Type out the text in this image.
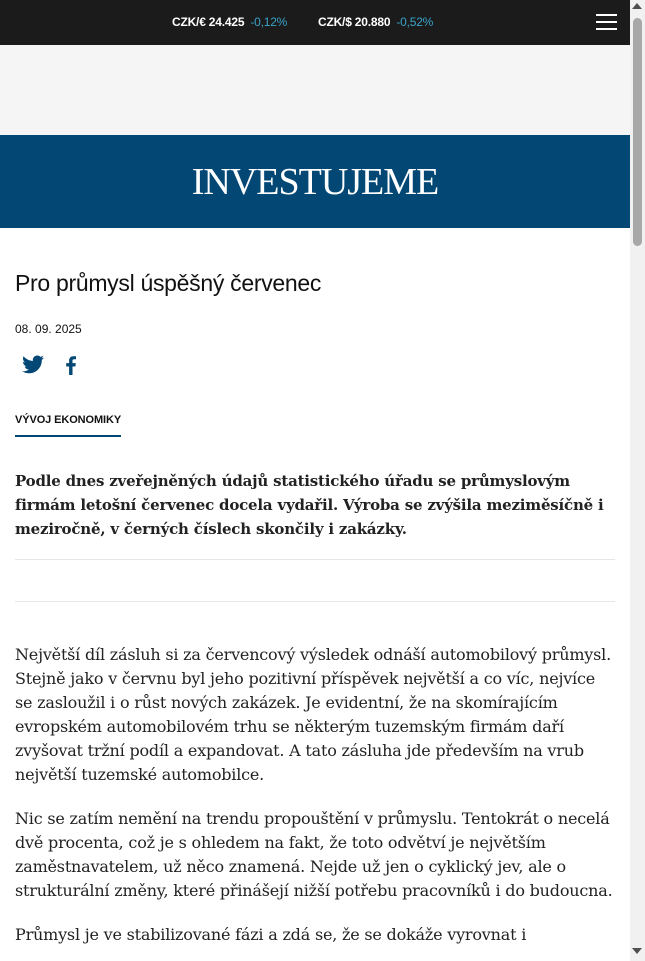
CZK/€ 24.425 -0,12%	CZK/$ 20.880 -0,52%
INVESTUJEME
Pro průmysl úspěšný červenec
08. 09. 2025
VÝVOJ EKONOMIKY

Podle dnes zveřejněných údajů statistického úřadu se průmyslovým firmám letošní červenec docela vydařil. Výroba se zvýšila meziměsíčně i meziročně, v černých číslech skončily i zakázky.

Největší díl zásluh si za červencový výsledek odnáší automobilový průmysl. Stejně jako v červnu byl jeho pozitivní příspěvek největší a co víc, nejvíce se zasloužil i o růst nových zakázek. Je evidentní, že na skomírajícím evropském automobilovém trhu se některým tuzemským firmám daří zvyšovat tržní podíl a expandovat. A tato zásluha jde především na vrub největší tuzemské automobilce.

Nic se zatím nemění na trendu propouštění v průmyslu. Tentokrát o necelá dvě procenta, což je s ohledem na fakt, že toto odvětví je největším zaměstnavatelem, už něco znamená. Nejde už jen o cyklický jev, ale o strukturální změny, které přinášejí nižší potřebu pracovníků i do budoucna.

Průmysl je ve stabilizované fázi a zdá se, že se dokáže vyrovnat i
